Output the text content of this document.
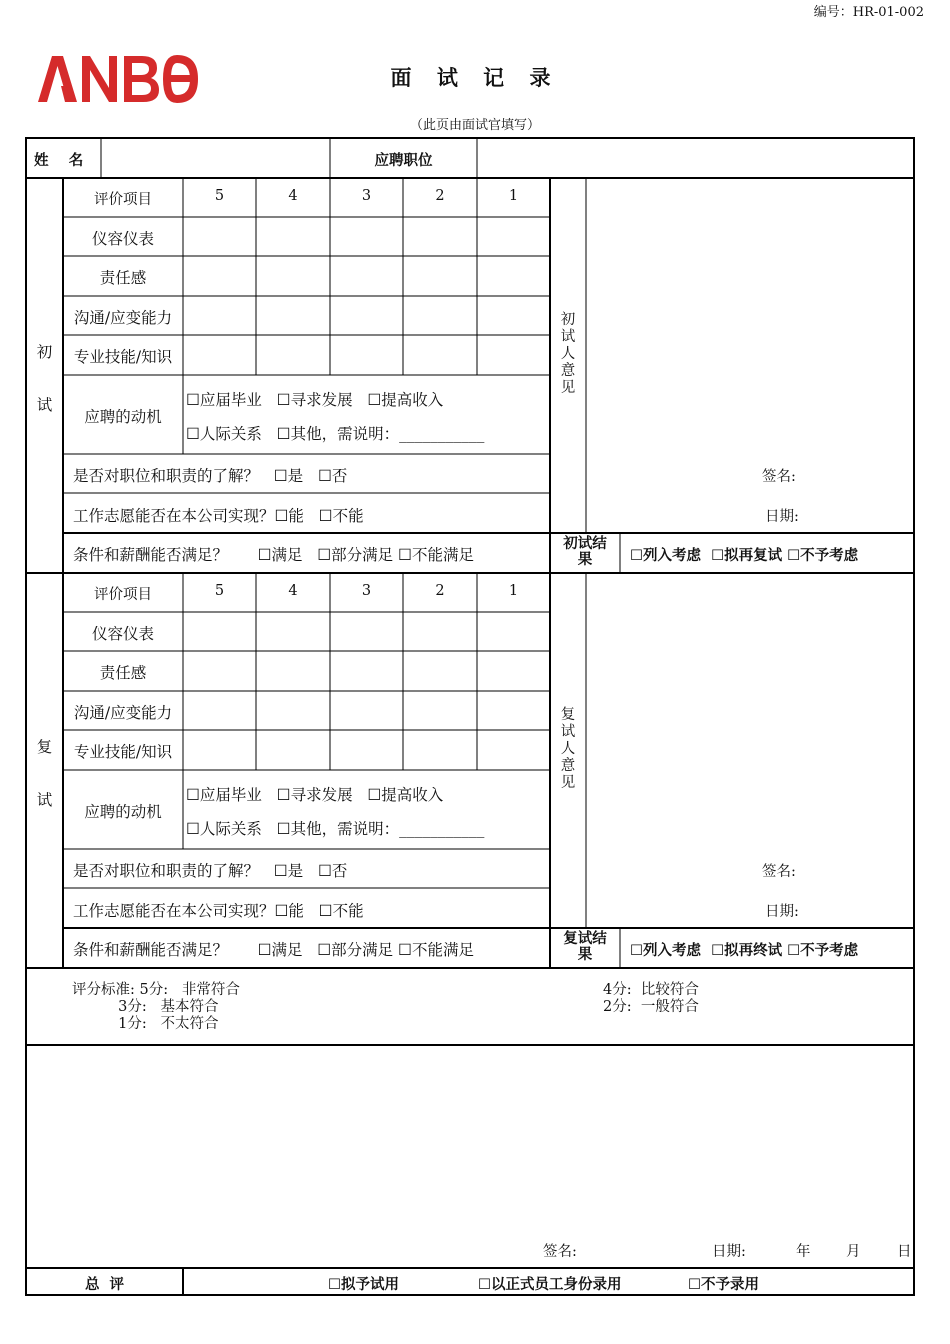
编号：HR-01-002
面 试 记 录
（此页由面试官填写）
姓    名	应聘职位
初
试
评价项目	5	4	3	2	1
仪容仪表
责任感
沟通/应变能力
专业技能/知识
应聘的动机
☐应届毕业   ☐寻求发展   ☐提高收入
☐人际关系   ☐其他，需说明：___________
是否对职位和职责的了解？   ☐是   ☐否
工作志愿能否在本公司实现？☐能   ☐不能
条件和薪酬能否满足？      ☐满足   ☐部分满足 ☐不能满足
初试人意见
签名:
日期:
初试结果	☐列入考虑  ☐拟再复试 ☐不予考虑
复
试
评价项目	5	4	3	2	1
仪容仪表
责任感
沟通/应变能力
专业技能/知识
应聘的动机
☐应届毕业   ☐寻求发展   ☐提高收入
☐人际关系   ☐其他，需说明：___________
是否对职位和职责的了解？   ☐是   ☐否
工作志愿能否在本公司实现？☐能   ☐不能
条件和薪酬能否满足？      ☐满足   ☐部分满足 ☐不能满足
复试人意见
签名:
日期:
复试结果	☐列入考虑  ☐拟再终试 ☐不予考虑
评分标准: 5分:   非常符合
3分:   基本符合
1分:   不太符合
4分:  比较符合
2分:  一般符合
签名:	日期:	年 月	日
总  评	☐拟予试用	☐以正式员工身份录用	☐不予录用
